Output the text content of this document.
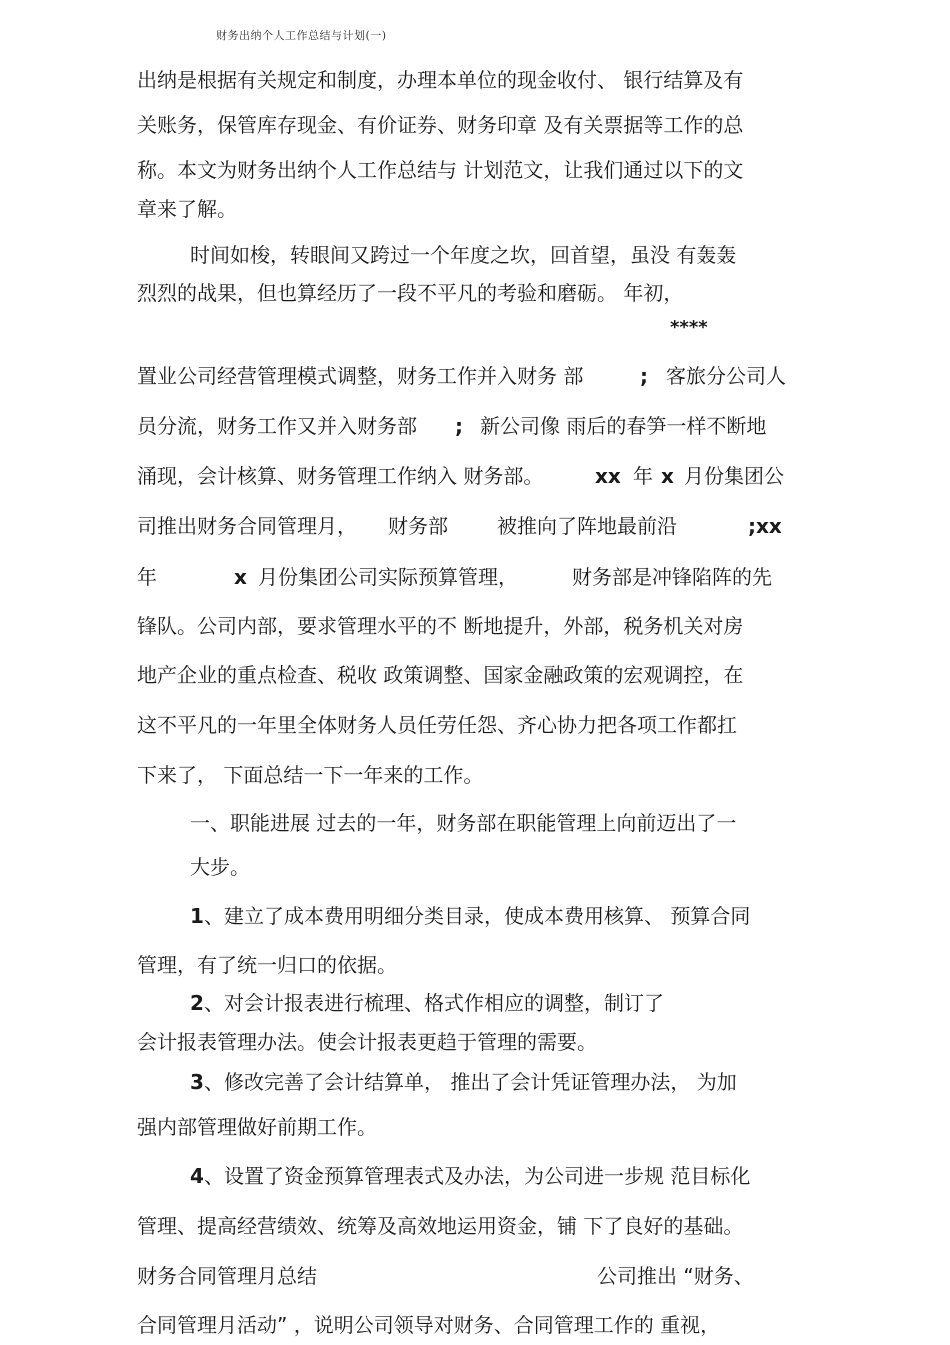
财务出纳个人工作总结与计划(一)
出纳是根据有关规定和制度，办理本单位的现金收付、 银行结算及有
关账务，保管库存现金、有价证券、财务印章 及有关票据等工作的总
称。本文为财务出纳个人工作总结与 计划范文，让我们通过以下的文
章来了解。
时间如梭，转眼间又跨过一个年度之坎，回首望，虽没 有轰轰
烈烈的战果，但也算经历了一段不平凡的考验和磨砺。 年初，
****
置业公司经营管理模式调整，财务工作并入财务 部	; 客旅分公司人
员分流，财务工作又并入财务部 ; 新公司像 雨后的春笋一样不断地
涌现，会计核算、财务管理工作纳入 财务部。	xx 年 x 月份集团公
司推出财务合同管理月， 财务部 被推向了阵地最前沿	;xx
年	x 月份集团公司实际预算管理，	财务部是冲锋陷阵的先
锋队。公司内部，要求管理水平的不 断地提升，外部，税务机关对房
地产企业的重点检查、税收 政策调整、国家金融政策的宏观调控，在
这不平凡的一年里全体财务人员任劳任怨、齐心协力把各项工作都扛
下来了， 下面总结一下一年来的工作。
一、职能进展 过去的一年，财务部在职能管理上向前迈出了一
大步。
1 、建立了成本费用明细分类目录，使成本费用核算、 预算合同
管理，有了统一归口的依据。
2 、对会计报表进行梳理、格式作相应的调整，制订了
会计报表管理办法。使会计报表更趋于管理的需要。
3 、修改完善了会计结算单， 推出了会计凭证管理办法， 为加
强内部管理做好前期工作。
4 、设置了资金预算管理表式及办法，为公司进一步规 范目标化
管理、提高经营绩效、统筹及高效地运用资金，铺 下了良好的基础。
财务合同管理月总结	公司推出 “财务、
合同管理月活动” ，说明公司领导对财务、合同管理工作的 重视，
